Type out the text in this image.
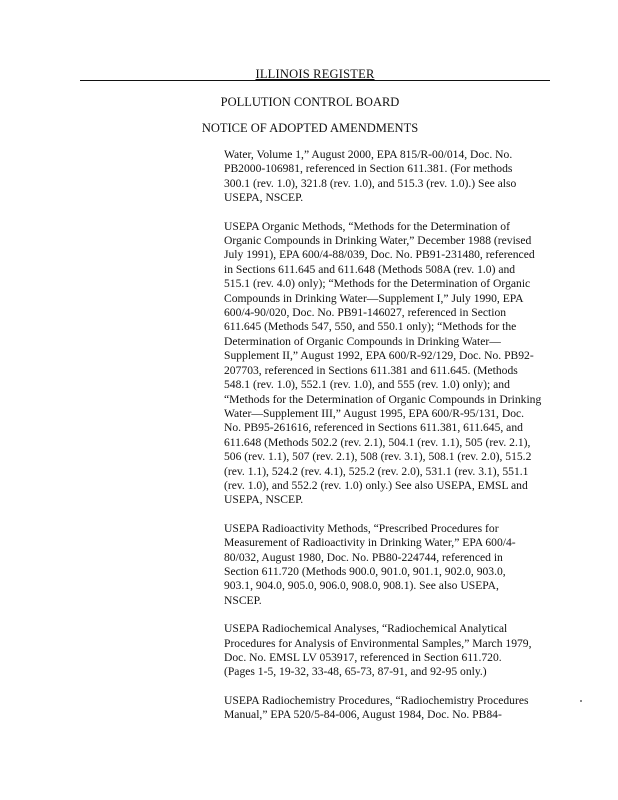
ILLINOIS REGISTER
POLLUTION CONTROL BOARD
NOTICE OF ADOPTED AMENDMENTS

Water, Volume 1,” August 2000, EPA 815/R-00/014, Doc. No.
PB2000-106981, referenced in Section 611.381. (For methods
300.1 (rev. 1.0), 321.8 (rev. 1.0), and 515.3 (rev. 1.0).) See also
USEPA, NSCEP.

USEPA Organic Methods, “Methods for the Determination of
Organic Compounds in Drinking Water,” December 1988 (revised
July 1991), EPA 600/4-88/039, Doc. No. PB91-231480, referenced
in Sections 611.645 and 611.648 (Methods 508A (rev. 1.0) and
515.1 (rev. 4.0) only); “Methods for the Determination of Organic
Compounds in Drinking Water—Supplement I,” July 1990, EPA
600/4-90/020, Doc. No. PB91-146027, referenced in Section
611.645 (Methods 547, 550, and 550.1 only); “Methods for the
Determination of Organic Compounds in Drinking Water—
Supplement II,” August 1992, EPA 600/R-92/129, Doc. No. PB92-
207703, referenced in Sections 611.381 and 611.645. (Methods
548.1 (rev. 1.0), 552.1 (rev. 1.0), and 555 (rev. 1.0) only); and
“Methods for the Determination of Organic Compounds in Drinking
Water—Supplement III,” August 1995, EPA 600/R-95/131, Doc.
No. PB95-261616, referenced in Sections 611.381, 611.645, and
611.648 (Methods 502.2 (rev. 2.1), 504.1 (rev. 1.1), 505 (rev. 2.1),
506 (rev. 1.1), 507 (rev. 2.1), 508 (rev. 3.1), 508.1 (rev. 2.0), 515.2
(rev. 1.1), 524.2 (rev. 4.1), 525.2 (rev. 2.0), 531.1 (rev. 3.1), 551.1
(rev. 1.0), and 552.2 (rev. 1.0) only.) See also USEPA, EMSL and
USEPA, NSCEP.

USEPA Radioactivity Methods, “Prescribed Procedures for
Measurement of Radioactivity in Drinking Water,” EPA 600/4-
80/032, August 1980, Doc. No. PB80-224744, referenced in
Section 611.720 (Methods 900.0, 901.0, 901.1, 902.0, 903.0,
903.1, 904.0, 905.0, 906.0, 908.0, 908.1). See also USEPA,
NSCEP.

USEPA Radiochemical Analyses, “Radiochemical Analytical
Procedures for Analysis of Environmental Samples,” March 1979,
Doc. No. EMSL LV 053917, referenced in Section 611.720.
(Pages 1-5, 19-32, 33-48, 65-73, 87-91, and 92-95 only.)

USEPA Radiochemistry Procedures, “Radiochemistry Procedures
Manual,” EPA 520/5-84-006, August 1984, Doc. No. PB84-
